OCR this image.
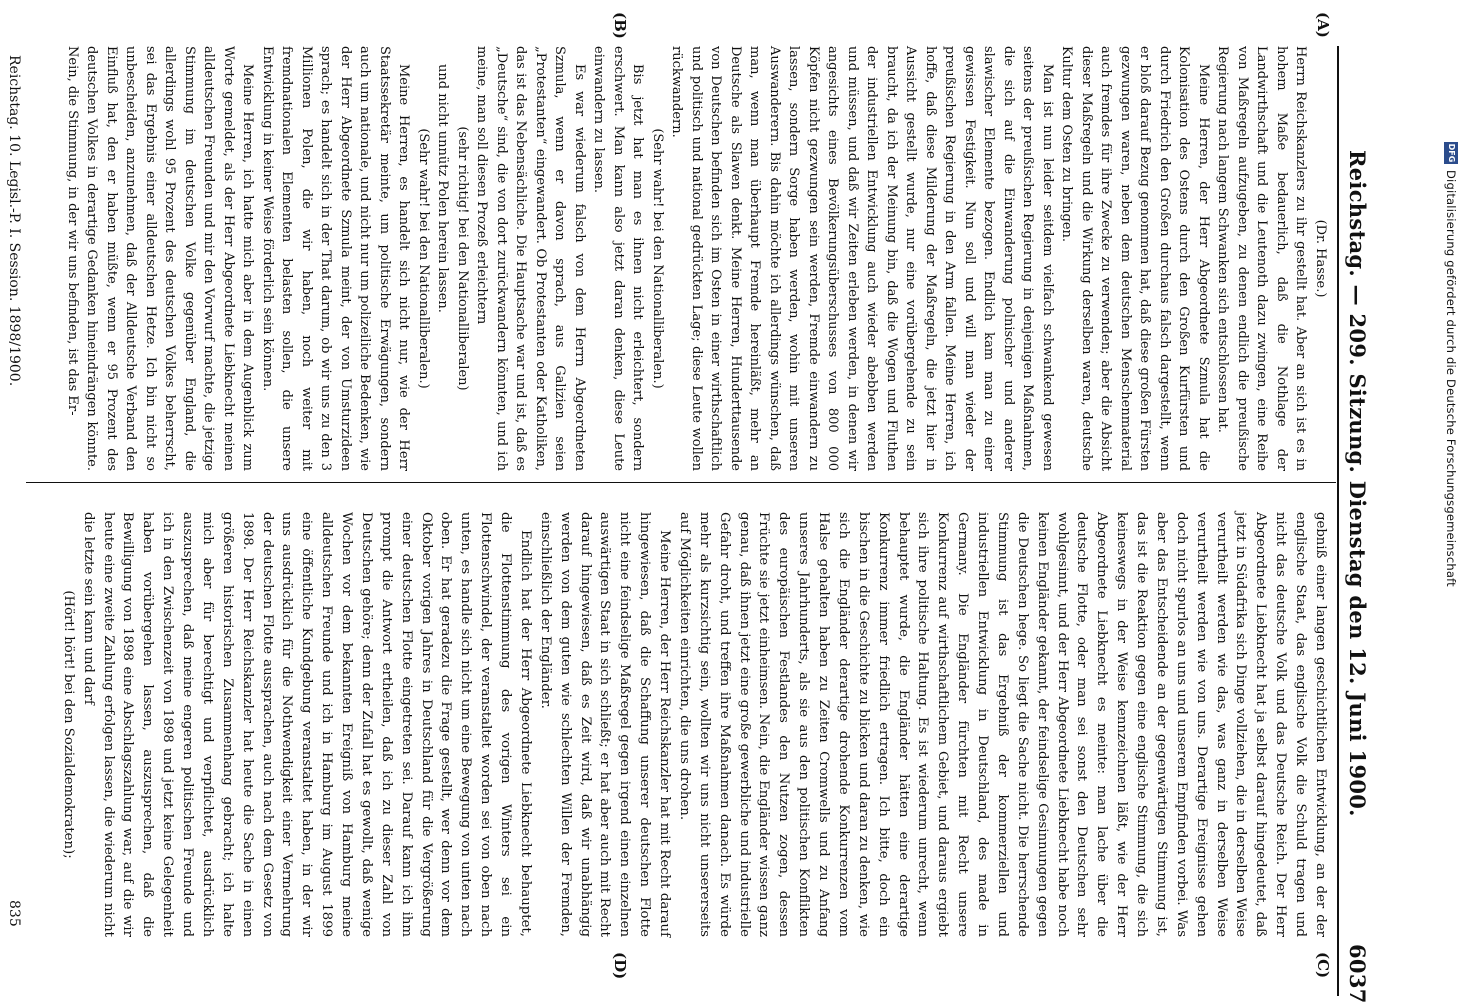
Reichstag. — 209. Sitzung. Dienstag den 12. Juni 1900.
6037
(A)
(B)
(C)
(D)

(Dr. Hasse.)

Herrn Reichskanzlers zu ihr gestellt hat. Aber an sich ist es in hohem Maße bedauerlich, daß die Nothlage der Landwirthschaft und die Leutenoth dazu zwingen, eine Reihe von Maßregeln aufzugeben, zu denen endlich die preußische Regierung nach langem Schwanken sich entschlossen hat.

Meine Herren, der Herr Abgeordnete Szmula hat die Kolonisation des Ostens durch den Großen Kurfürsten und durch Friedrich den Großen durchaus falsch dargestellt, wenn er bloß darauf Bezug genommen hat, daß diese großen Fürsten gezwungen waren, neben dem deutschen Menschenmaterial auch fremdes für ihre Zwecke zu verwenden; aber die Absicht dieser Maßregeln und die Wirkung derselben waren, deutsche Kultur dem Osten zu bringen.

Man ist nun leider seitdem vielfach schwankend gewesen seitens der preußischen Regierung in denjenigen Maßnahmen, die sich auf die Einwanderung polnischer und anderer slawischer Elemente bezogen. Endlich kam man zu einer gewissen Festigkeit. Nun soll und will man wieder der preußischen Regierung in den Arm fallen. Meine Herren, ich hoffe, daß diese Milderung der Maßregeln, die jetzt hier in Aussicht gestellt wurde, nur eine vorübergehende zu sein braucht, da ich der Meinung bin, daß die Wogen und Fluthen der industriellen Entwicklung auch wieder abebben werden und müssen, und daß wir Zeiten erleben werden, in denen wir angesichts eines Bevölkerungsüberschusses von 800 000 Köpfen nicht gezwungen sein werden, Fremde einwandern zu lassen, sondern Sorge haben werden, wohin mit unseren Auswanderern. Bis dahin möchte ich allerdings wünschen, daß man, wenn man überhaupt Fremde hereinläßt, mehr an Deutsche als Slawen denkt. Meine Herren, Hunderttausende von Deutschen befinden sich im Osten in einer wirthschaftlich und politisch und national gedrückten Lage; diese Leute wollen rückwandern.

(Sehr wahr! bei den Nationalliberalen.)

Bis jetzt hat man es ihnen nicht erleichtert, sondern erschwert. Man kann also jetzt daran denken, diese Leute einwandern zu lassen.

Es war wiederum falsch von dem Herrn Abgeordneten Szmula, wenn er davon sprach, aus Galizien seien „Protestanten“ eingewandert. Ob Protestanten oder Katholiken, das ist das Nebensächliche. Die Hauptsache war und ist, daß es „Deutsche“ sind, die von dort zurückwandern könnten, und ich meine, man soll diesen Prozeß erleichtern

(sehr richtig! bei den Nationalliberalen)

und nicht unnütz Polen herein lassen.

(Sehr wahr! bei den Nationalliberalen.)

Meine Herren, es handelt sich nicht nur, wie der Herr Staatssekretär meinte, um politische Erwägungen, sondern auch um nationale, und nicht nur um polizeiliche Bedenken, wie der Herr Abgeordnete Szmula meint, der von Umsturzideen sprach; es handelt sich in der That darum, ob wir uns zu den 3 Millionen Polen, die wir haben, noch weiter mit fremdnationalen Elementen belasten sollen, die unsere Entwicklung in keiner Weise förderlich sein können.

Meine Herren, ich hatte mich aber in dem Augenblick zum Worte gemeldet, als der Herr Abgeordnete Liebknecht meinen alldeutschen Freunden und mir den Vorwurf machte, die jetzige Stimmung im deutschen Volke gegenüber England, die allerdings wohl 95 Prozent des deutschen Volkes beherrscht, sei das Ergebnis einer alldeutschen Hetze. Ich bin nicht so unbescheiden, anzunehmen, daß der Alldeutsche Verband den Einfluß hat, den er haben müßte, wenn er 95 Prozent des deutschen Volkes in derartige Gedanken hineindrängen könnte. Nein, die Stimmung, in der wir uns befinden, ist das Er-

gebniß einer langen geschichtlichen Entwicklung, an der der englische Staat, das englische Volk die Schuld tragen und nicht das deutsche Volk und das Deutsche Reich. Der Herr Abgeordnete Liebknecht hat ja selbst darauf hingedeutet, daß jetzt in Südafrika sich Dinge vollziehen, die in derselben Weise verurtheilt werden wie das, was ganz in derselben Weise verurtheilt werden wie von uns. Derartige Ereignisse gehen doch nicht spurlos an uns und unserem Empfinden vorbei. Was aber das Entscheidende an der gegenwärtigen Stimmung ist, das ist die Reaktion gegen eine englische Stimmung, die sich keineswegs in der Weise kennzeichnen läßt, wie der Herr Abgeordnete Liebknecht es meinte: man lache über die deutsche Flotte, oder man sei sonst den Deutschen sehr wohlgesinnt, und der Herr Abgeordnete Liebknecht habe noch keinen Engländer gekannt, der feindselige Gesinnungen gegen die Deutschen hege. So liegt die Sache nicht. Die herrschende Stimmung ist das Ergebniß der kommerziellen und industriellen Entwicklung in Deutschland, des made in Germany. Die Engländer fürchten mit Recht unsere Konkurrenz auf wirthschaftlichem Gebiet, und daraus ergiebt sich ihre politische Haltung. Es ist wiederum unrecht, wenn behauptet wurde, die Engländer hätten eine derartige Konkurrenz immer friedlich ertragen. Ich bitte, doch ein bischen in die Geschichte zu blicken und daran zu denken, wie sich die Engländer derartige drohende Konkurrenzen vom Halse gehalten haben zu Zeiten Cromwells und zu Anfang unseres Jahrhunderts, als sie aus den politischen Konflikten des europäischen Festlandes den Nutzen zogen, dessen Früchte sie jetzt einheimsen. Nein, die Engländer wissen ganz genau, daß ihnen jetzt eine große gewerbliche und industrielle Gefahr droht, und treffen ihre Maßnahmen danach. Es würde mehr als kurzsichtig sein, wollten wir uns nicht unsererseits auf Möglichkeiten einrichten, die uns drohen.

Meine Herren, der Herr Reichskanzler hat mit Recht darauf hingewiesen, daß die Schaffung unserer deutschen Flotte nicht eine feindselige Maßregel gegen irgend einen einzelnen auswärtigen Staat in sich schließt; er hat aber auch mit Recht darauf hingewiesen, daß es Zeit wird, daß wir unabhängig werden von dem guten wie schlechten Willen der Fremden, einschließlich der Engländer.

Endlich hat der Herr Abgeordnete Liebknecht behauptet, die Flottenstimmung des vorigen Winters sei ein Flottenschwindel, der veranstaltet worden sei von oben nach unten, es handle sich nicht um eine Bewegung von unten nach oben. Er hat geradezu die Frage gestellt, wer denn vor dem Oktober vorigen Jahres in Deutschland für die Vergrößerung einer deutschen Flotte eingetreten sei. Darauf kann ich ihm prompt die Antwort ertheilen, daß ich zu dieser Zahl von Deutschen gehöre; denn der Zufall hat es gewollt, daß wenige Wochen vor dem bekannten Ereigniß von Hamburg meine alldeutschen Freunde und ich in Hamburg im August 1899 eine öffentliche Kundgebung veranstaltet haben, in der wir uns ausdrücklich für die Nothwendigkeit einer Vermehrung der deutschen Flotte aussprachen, auch nach dem Gesetz von 1898. Der Herr Reichskanzler hat heute die Sache in einen größeren historischen Zusammenhang gebracht; ich halte mich aber für berechtigt und verpflichtet, ausdrücklich auszusprechen, daß meine engeren politischen Freunde und ich in den Zwischenzeit von 1898 und jetzt keine Gelegenheit haben vorübergehen lassen, auszusprechen, daß die Bewilligung von 1898 eine Abschlagszahlung war, auf die wir heute eine zweite Zahlung erfolgen lassen, die wiederum nicht die letzte sein kann und darf

(Hört! hört! bei den Sozialdemokraten);

Reichstag. 10. Legisl.-P. I. Session. 1898/1900.
835
Digitalisierung gefördert durch die Deutsche Forschungsgemeinschaft
DFG
